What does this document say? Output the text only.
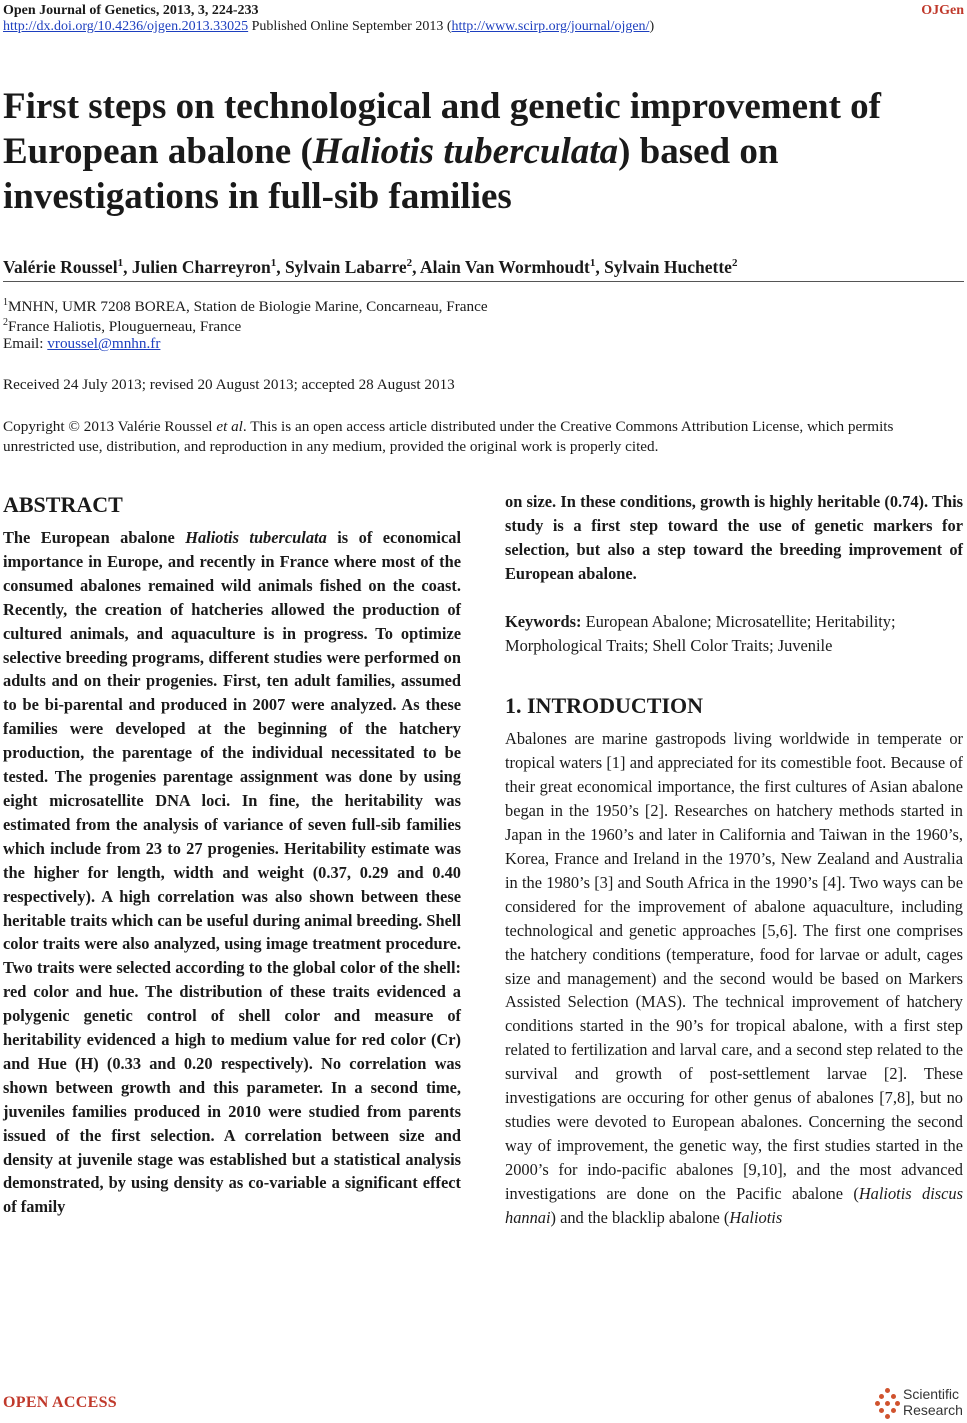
Open Journal of Genetics, 2013, 3, 224-233	OJGen
http://dx.doi.org/10.4236/ojgen.2013.33025 Published Online September 2013 (http://www.scirp.org/journal/ojgen/)
First steps on technological and genetic improvement of European abalone (Haliotis tuberculata) based on investigations in full-sib families
Valérie Roussel$^1$, Julien Charreyron$^1$, Sylvain Labarre$^2$, Alain Van Wormhoudt$^1$, Sylvain Huchette$^2$
$^1$MNHN, UMR 7208 BOREA, Station de Biologie Marine, Concarneau, France
$^2$France Haliotis, Plouguerneau, France
Email: vroussel@mnhn.fr
Received 24 July 2013; revised 20 August 2013; accepted 28 August 2013

Copyright © 2013 Valérie Roussel et al. This is an open access article distributed under the Creative Commons Attribution License, which permits unrestricted use, distribution, and reproduction in any medium, provided the original work is properly cited.

ABSTRACT

The European abalone Haliotis tuberculata is of economical importance in Europe, and recently in France where most of the consumed abalones remained wild animals fished on the coast. Recently, the creation of hatcheries allowed the production of cultured animals, and aquaculture is in progress. To optimize selective breeding programs, different studies were performed on adults and on their progenies. First, ten adult families, assumed to be bi-parental and produced in 2007 were analyzed. As these families were developed at the beginning of the hatchery production, the parentage of the individual necessitated to be tested. The progenies parentage assignment was done by using eight microsatellite DNA loci. In fine, the heritability was estimated from the analysis of variance of seven full-sib families which include from 23 to 27 progenies. Heritability estimate was the higher for length, width and weight (0.37, 0.29 and 0.40 respectively). A high correlation was also shown between these heritable traits which can be useful during animal breeding. Shell color traits were also analyzed, using image treatment procedure. Two traits were selected according to the global color of the shell: red color and hue. The distribution of these traits evidenced a polygenic genetic control of shell color and measure of heritability evidenced a high to medium value for red color (Cr) and Hue (H) (0.33 and 0.20 respectively). No correlation was shown between growth and this parameter. In a second time, juveniles families produced in 2010 were studied from parents issued of the first selection. A correlation between size and density at juvenile stage was established but a statistical analysis demonstrated, by using density as co-variable a significant effect of family

on size. In these conditions, growth is highly heritable (0.74). This study is a first step toward the use of genetic markers for selection, but also a step toward the breeding improvement of European abalone.

Keywords: European Abalone; Microsatellite; Heritability; Morphological Traits; Shell Color Traits; Juvenile
1. INTRODUCTION

Abalones are marine gastropods living worldwide in temperate or tropical waters [1] and appreciated for its comestible foot. Because of their great economical importance, the first cultures of Asian abalone began in the 1950’s [2]. Researches on hatchery methods started in Japan in the 1960’s and later in California and Taiwan in the 1960’s, Korea, France and Ireland in the 1970’s, New Zealand and Australia in the 1980’s [3] and South Africa in the 1990’s [4]. Two ways can be considered for the improvement of abalone aquaculture, including technological and genetic approaches [5,6]. The first one comprises the hatchery conditions (temperature, food for larvae or adult, cages size and management) and the second would be based on Markers Assisted Selection (MAS). The technical improvement of hatchery conditions started in the 90’s for tropical abalone, with a first step related to fertilization and larval care, and a second step related to the survival and growth of post-settlement larvae [2]. These investigations are occuring for other genus of abalones [7,8], but no studies were devoted to European abalones. Concerning the second way of improvement, the genetic way, the first studies started in the 2000’s for indo-pacific abalones [9,10], and the most advanced investigations are done on the Pacific abalone (Haliotis discus hannai) and the blacklip abalone (Haliotis

OPEN ACCESS	Scientific
Research
